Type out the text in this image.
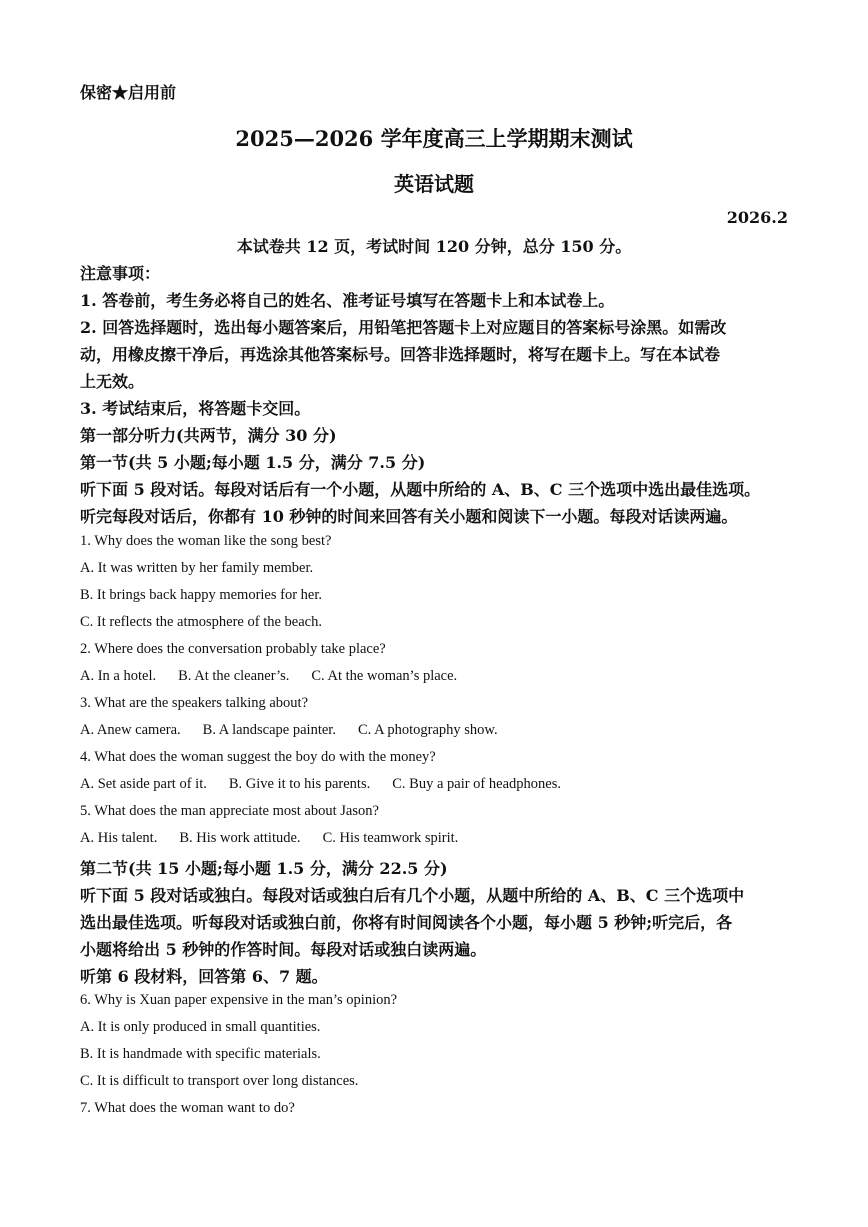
保密★启用前
2025—2026 学年度高三上学期期末测试
英语试题
2026.2
本试卷共 12 页，考试时间 120 分钟，总分 150 分。
注意事项：
1. 答卷前，考生务必将自己的姓名、准考证号填写在答题卡上和本试卷上。
2. 回答选择题时，选出每小题答案后，用铅笔把答题卡上对应题目的答案标号涂黑。如需改
动，用橡皮擦干净后，再选涂其他答案标号。回答非选择题时，将写在题卡上。写在本试卷
上无效。
3. 考试结束后，将答题卡交回。
第一部分听力(共两节，满分 30 分)
第一节(共 5 小题;每小题 1.5 分，满分 7.5 分)
听下面 5 段对话。每段对话后有一个小题，从题中所给的 A、B、C 三个选项中选出最佳选项。
听完每段对话后，你都有 10 秒钟的时间来回答有关小题和阅读下一小题。每段对话读两遍。
1. Why does the woman like the song best?
A. It was written by her family member.
B. It brings back happy memories for her.
C. It reflects the atmosphere of the beach.
2. Where does the conversation probably take place?
A. In a hotel. B. At the cleaner’s. C. At the woman’s place.
3. What are the speakers talking about?
A. Anew camera. B. A landscape painter. C. A photography show.
4. What does the woman suggest the boy do with the money?
A. Set aside part of it. B. Give it to his parents. C. Buy a pair of headphones.
5. What does the man appreciate most about Jason?
A. His talent. B. His work attitude. C. His teamwork spirit.
第二节(共 15 小题;每小题 1.5 分，满分 22.5 分)
听下面 5 段对话或独白。每段对话或独白后有几个小题，从题中所给的 A、B、C 三个选项中
选出最佳选项。听每段对话或独白前，你将有时间阅读各个小题，每小题 5 秒钟;听完后，各
小题将给出 5 秒钟的作答时间。每段对话或独白读两遍。
听第 6 段材料，回答第 6、7 题。
6. Why is Xuan paper expensive in the man’s opinion?
A. It is only produced in small quantities.
B. It is handmade with specific materials.
C. It is difficult to transport over long distances.
7. What does the woman want to do?
